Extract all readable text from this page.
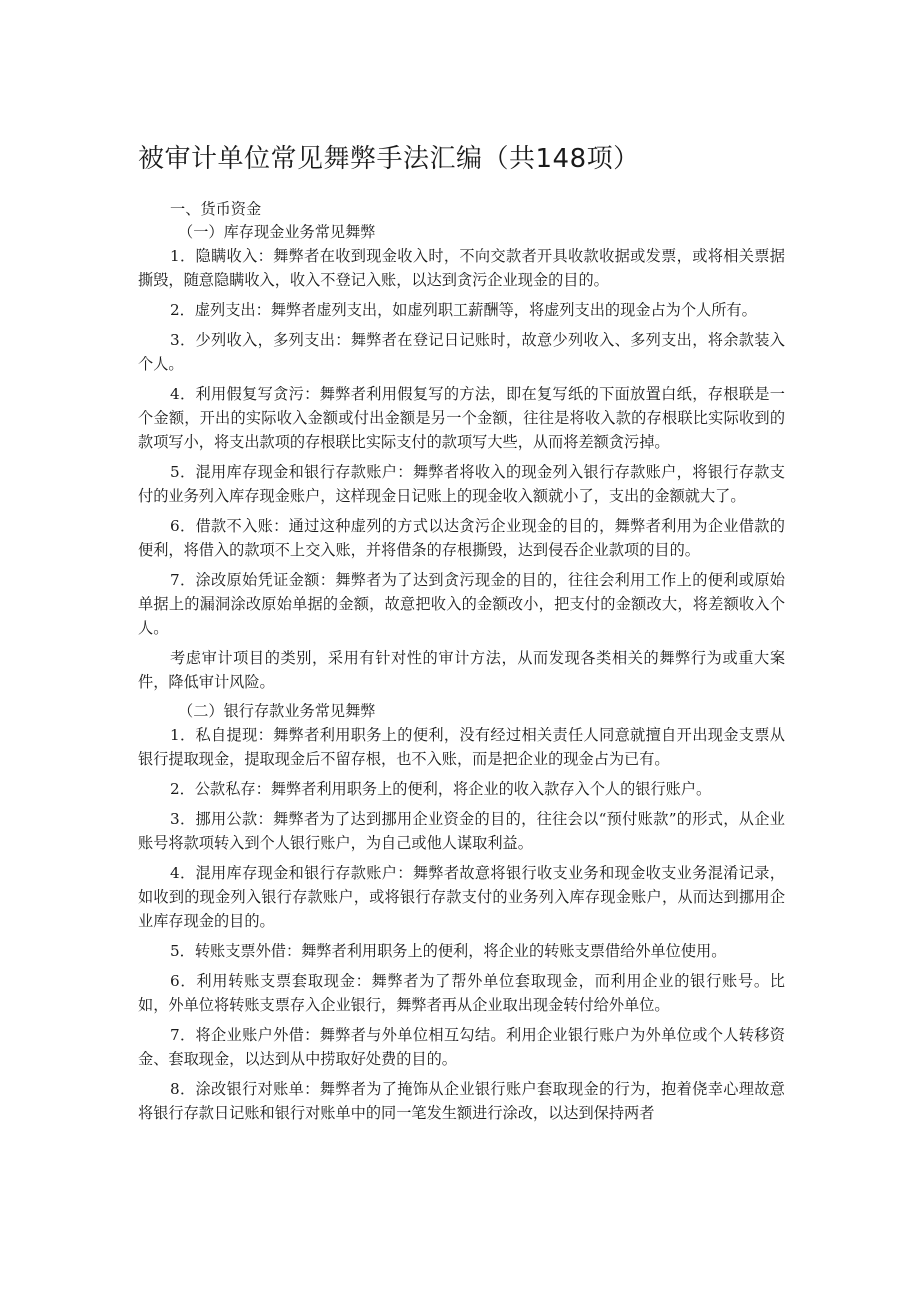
被审计单位常见舞弊手法汇编（共148项）
一、货币资金
（一）库存现金业务常见舞弊

1．隐瞒收入：舞弊者在收到现金收入时，不向交款者开具收款收据或发票，或将相关票据撕毁，随意隐瞒收入，收入不登记入账，以达到贪污企业现金的目的。

2．虚列支出：舞弊者虚列支出，如虚列职工薪酬等，将虚列支出的现金占为个人所有。

3．少列收入，多列支出：舞弊者在登记日记账时，故意少列收入、多列支出，将余款装入个人。

4．利用假复写贪污：舞弊者利用假复写的方法，即在复写纸的下面放置白纸，存根联是一个金额，开出的实际收入金额或付出金额是另一个金额，往往是将收入款的存根联比实际收到的款项写小，将支出款项的存根联比实际支付的款项写大些，从而将差额贪污掉。

5．混用库存现金和银行存款账户：舞弊者将收入的现金列入银行存款账户，将银行存款支付的业务列入库存现金账户，这样现金日记账上的现金收入额就小了，支出的金额就大了。

6．借款不入账：通过这种虚列的方式以达贪污企业现金的目的，舞弊者利用为企业借款的便利，将借入的款项不上交入账，并将借条的存根撕毁，达到侵吞企业款项的目的。

7．涂改原始凭证金额：舞弊者为了达到贪污现金的目的，往往会利用工作上的便利或原始单据上的漏洞涂改原始单据的金额，故意把收入的金额改小，把支付的金额改大，将差额收入个人。

考虑审计项目的类别，采用有针对性的审计方法，从而发现各类相关的舞弊行为或重大案件，降低审计风险。

（二）银行存款业务常见舞弊

1．私自提现：舞弊者利用职务上的便利，没有经过相关责任人同意就擅自开出现金支票从银行提取现金，提取现金后不留存根，也不入账，而是把企业的现金占为已有。

2．公款私存：舞弊者利用职务上的便利，将企业的收入款存入个人的银行账户。

3．挪用公款：舞弊者为了达到挪用企业资金的目的，往往会以“预付账款”的形式，从企业账号将款项转入到个人银行账户，为自己或他人谋取利益。

4．混用库存现金和银行存款账户：舞弊者故意将银行收支业务和现金收支业务混淆记录，如收到的现金列入银行存款账户，或将银行存款支付的业务列入库存现金账户，从而达到挪用企业库存现金的目的。

5．转账支票外借：舞弊者利用职务上的便利，将企业的转账支票借给外单位使用。

6．利用转账支票套取现金：舞弊者为了帮外单位套取现金，而利用企业的银行账号。比如，外单位将转账支票存入企业银行，舞弊者再从企业取出现金转付给外单位。

7．将企业账户外借：舞弊者与外单位相互勾结。利用企业银行账户为外单位或个人转移资金、套取现金，以达到从中捞取好处费的目的。

8．涂改银行对账单：舞弊者为了掩饰从企业银行账户套取现金的行为，抱着侥幸心理故意将银行存款日记账和银行对账单中的同一笔发生额进行涂改，以达到保持两者
